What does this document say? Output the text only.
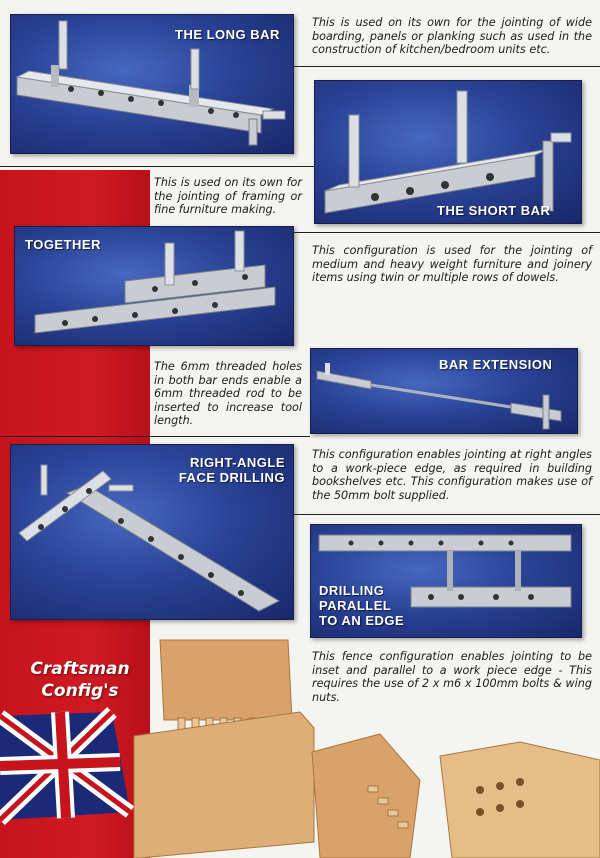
THE LONG BAR
This is used on its own for the jointing of wide boarding, panels or planking such as used in the construction of kitchen/bedroom units etc.
THE SHORT BAR
This is used on its own for the jointing of framing or fine furniture making.
TOGETHER	This configuration is used for the jointing of medium and heavy weight furniture and joinery items using twin or multiple rows of dowels.
BAR EXTENSION
The 6mm threaded holes in both bar ends enable a 6mm threaded rod to be inserted to increase tool length.
RIGHT-ANGLE
FACE DRILLING
This configuration enables jointing at right angles to a work-piece edge, as required in building bookshelves etc. This configuration makes use of the 50mm bolt supplied.
DRILLING
PARALLEL
TO AN EDGE
This fence configuration enables jointing to be inset and parallel to a work piece edge - This requires the use of 2 x m6 x 100mm bolts & wing nuts.
Craftsman
Config's
